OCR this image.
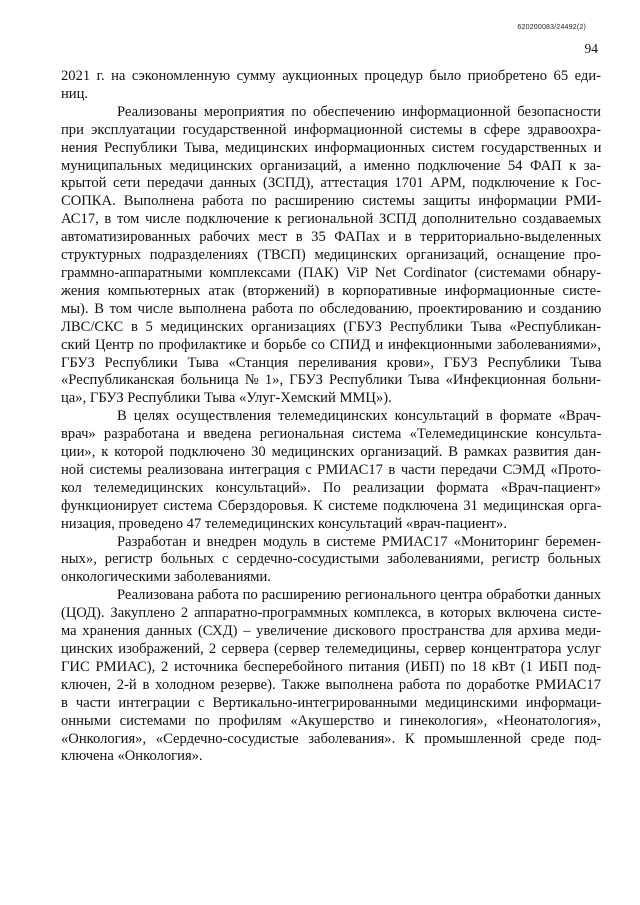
620200083/24492(2)
94

2021 г. на сэкономленную сумму аукционных процедур было приобретено 65 еди-
ниц.

Реализованы мероприятия по обеспечению информационной безопасности
при эксплуатации государственной информационной системы в сфере здравоохра-
нения Республики Тыва, медицинских информационных систем государственных и
муниципальных медицинских организаций, а именно подключение 54 ФАП к за-
крытой сети передачи данных (ЗСПД), аттестация 1701 АРМ, подключение к Гос-
СОПКА. Выполнена работа по расширению системы защиты информации РМИ-
АС17, в том числе подключение к региональной ЗСПД дополнительно создаваемых
автоматизированных рабочих мест в 35 ФАПах и в территориально-выделенных
структурных подразделениях (ТВСП) медицинских организаций, оснащение про-
граммно-аппаратными комплексами (ПАК) ViP Net Cordinator (системами обнару-
жения компьютерных атак (вторжений) в корпоративные информационные систе-
мы). В том числе выполнена работа по обследованию, проектированию и созданию
ЛВС/СКС в 5 медицинских организациях (ГБУЗ Республики Тыва «Республикан-
ский Центр по профилактике и борьбе со СПИД и инфекционными заболеваниями»,
ГБУЗ Республики Тыва «Станция переливания крови», ГБУЗ Республики Тыва
«Республиканская больница № 1», ГБУЗ Республики Тыва «Инфекционная больни-
ца», ГБУЗ Республики Тыва «Улуг-Хемский ММЦ»).

В целях осуществления телемедицинских консультаций в формате «Врач-
врач» разработана и введена региональная система «Телемедицинские консульта-
ции», к которой подключено 30 медицинских организаций. В рамках развития дан-
ной системы реализована интеграция с РМИАС17 в части передачи СЭМД «Прото-
кол телемедицинских консультаций». По реализации формата «Врач-пациент»
функционирует система Сберздоровья. К системе подключена 31 медицинская орга-
низация, проведено 47 телемедицинских консультаций «врач-пациент».

Разработан и внедрен модуль в системе РМИАС17 «Мониторинг беремен-
ных», регистр больных с сердечно-сосудистыми заболеваниями, регистр больных
онкологическими заболеваниями.

Реализована работа по расширению регионального центра обработки данных
(ЦОД). Закуплено 2 аппаратно-программных комплекса, в которых включена систе-
ма хранения данных (СХД) – увеличение дискового пространства для архива меди-
цинских изображений, 2 сервера (сервер телемедицины, сервер концентратора услуг
ГИС РМИАС), 2 источника бесперебойного питания (ИБП) по 18 кВт (1 ИБП под-
ключен, 2-й в холодном резерве). Также выполнена работа по доработке РМИАС17
в части интеграции с Вертикально-интегрированными медицинскими информаци-
онными системами по профилям «Акушерство и гинекология», «Неонатология»,
«Онкология», «Сердечно-сосудистые заболевания». К промышленной среде под-
ключена «Онкология».
